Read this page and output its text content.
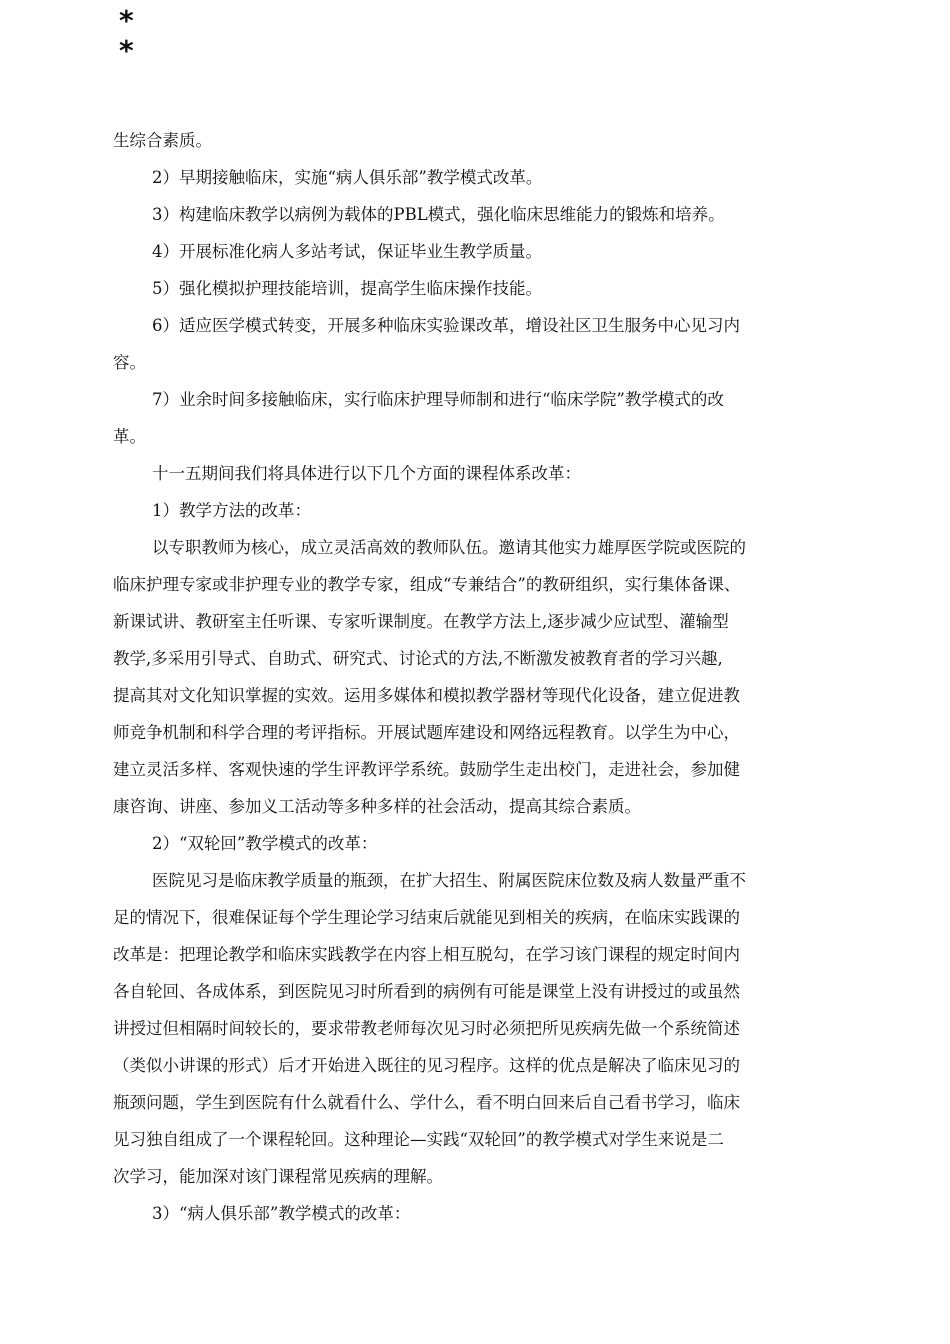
*
*

生综合素质。

2）早期接触临床，实施“病人俱乐部”教学模式改革。

3）构建临床教学以病例为载体的PBL模式，强化临床思维能力的锻炼和培养。

4）开展标准化病人多站考试，保证毕业生教学质量。

5）强化模拟护理技能培训，提高学生临床操作技能。

6）适应医学模式转变，开展多种临床实验课改革，增设社区卫生服务中心见习内

容。

7）业余时间多接触临床，实行临床护理导师制和进行“临床学院”教学模式的改

革。

十一五期间我们将具体进行以下几个方面的课程体系改革：

1）教学方法的改革：

以专职教师为核心，成立灵活高效的教师队伍。邀请其他实力雄厚医学院或医院的

临床护理专家或非护理专业的教学专家，组成“专兼结合”的教研组织，实行集体备课、

新课试讲、教研室主任听课、专家听课制度。在教学方法上,逐步减少应试型、灌输型

教学,多采用引导式、自助式、研究式、讨论式的方法,不断激发被教育者的学习兴趣,

提高其对文化知识掌握的实效。运用多媒体和模拟教学器材等现代化设备，建立促进教

师竞争机制和科学合理的考评指标。开展试题库建设和网络远程教育。以学生为中心，

建立灵活多样、客观快速的学生评教评学系统。鼓励学生走出校门，走进社会，参加健

康咨询、讲座、参加义工活动等多种多样的社会活动，提高其综合素质。

2）“双轮回”教学模式的改革：

医院见习是临床教学质量的瓶颈，在扩大招生、附属医院床位数及病人数量严重不

足的情况下，很难保证每个学生理论学习结束后就能见到相关的疾病，在临床实践课的

改革是：把理论教学和临床实践教学在内容上相互脱勾，在学习该门课程的规定时间内

各自轮回、各成体系，到医院见习时所看到的病例有可能是课堂上没有讲授过的或虽然

讲授过但相隔时间较长的，要求带教老师每次见习时必须把所见疾病先做一个系统简述

（类似小讲课的形式）后才开始进入既往的见习程序。这样的优点是解决了临床见习的

瓶颈问题，学生到医院有什么就看什么、学什么，看不明白回来后自己看书学习，临床

见习独自组成了一个课程轮回。这种理论—实践“双轮回”的教学模式对学生来说是二

次学习，能加深对该门课程常见疾病的理解。

3）“病人俱乐部”教学模式的改革：
